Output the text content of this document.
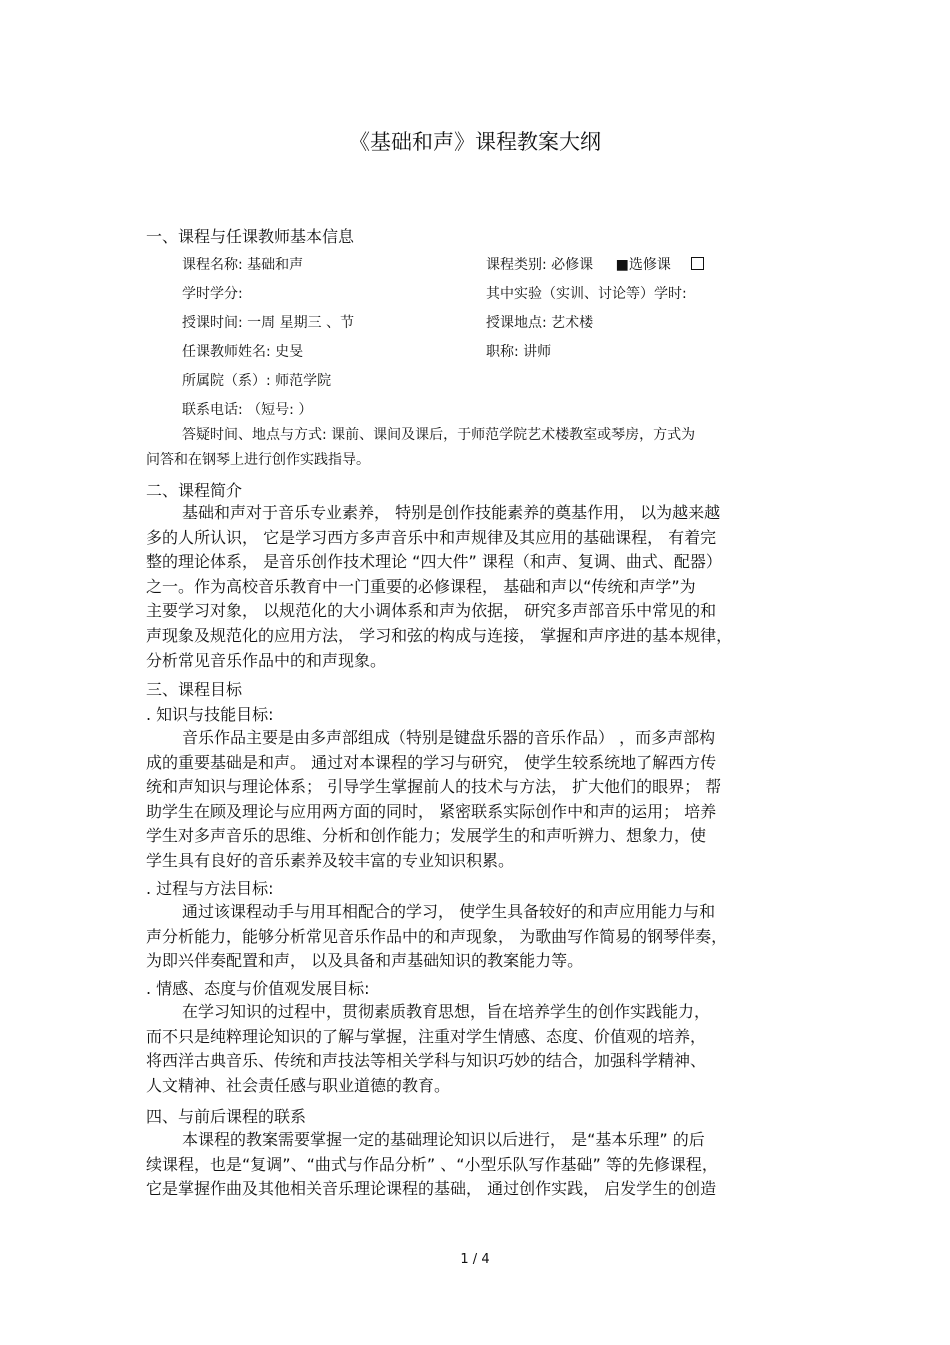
《基础和声》课程教案大纲
一、课程与任课教师基本信息
课程名称: 基础和声	课程类别: 必修课 ■选修课
学时学分:	其中实验（实训、讨论等）学时:
授课时间: 一周 星期三 、节	授课地点: 艺术楼
任课教师姓名: 史旻	职称: 讲师
所属院（系）: 师范学院
联系电话: （短号: ）
答疑时间、地点与方式: 课前、课间及课后，于师范学院艺术楼教室或琴房，方式为
问答和在钢琴上进行创作实践指导。
二、课程简介

基础和声对于音乐专业素养， 特别是创作技能素养的奠基作用， 以为越来越

多的人所认识， 它是学习西方多声音乐中和声规律及其应用的基础课程， 有着完

整的理论体系， 是音乐创作技术理论 “四大件” 课程（和声、复调、曲式、配器）

之一。作为高校音乐教育中一门重要的必修课程， 基础和声以“传统和声学”为

主要学习对象， 以规范化的大小调体系和声为依据， 研究多声部音乐中常见的和

声现象及规范化的应用方法， 学习和弦的构成与连接， 掌握和声序进的基本规律，

分析常见音乐作品中的和声现象。

三、课程目标
. 知识与技能目标:

音乐作品主要是由多声部组成（特别是键盘乐器的音乐作品） ，而多声部构

成的重要基础是和声。 通过对本课程的学习与研究， 使学生较系统地了解西方传

统和声知识与理论体系； 引导学生掌握前人的技术与方法， 扩大他们的眼界； 帮

助学生在顾及理论与应用两方面的同时， 紧密联系实际创作中和声的运用； 培养

学生对多声音乐的思维、分析和创作能力；发展学生的和声听辨力、想象力，使

学生具有良好的音乐素养及较丰富的专业知识积累。

. 过程与方法目标:

通过该课程动手与用耳相配合的学习， 使学生具备较好的和声应用能力与和

声分析能力，能够分析常见音乐作品中的和声现象， 为歌曲写作简易的钢琴伴奏，

为即兴伴奏配置和声， 以及具备和声基础知识的教案能力等。

. 情感、态度与价值观发展目标:

在学习知识的过程中，贯彻素质教育思想，旨在培养学生的创作实践能力，

而不只是纯粹理论知识的了解与掌握，注重对学生情感、态度、价值观的培养，

将西洋古典音乐、传统和声技法等相关学科与知识巧妙的结合，加强科学精神、

人文精神、社会责任感与职业道德的教育。

四、与前后课程的联系

本课程的教案需要掌握一定的基础理论知识以后进行， 是“基本乐理” 的后

续课程，也是“复调”、“曲式与作品分析” 、“小型乐队写作基础” 等的先修课程，

它是掌握作曲及其他相关音乐理论课程的基础， 通过创作实践， 启发学生的创造

1 / 4
